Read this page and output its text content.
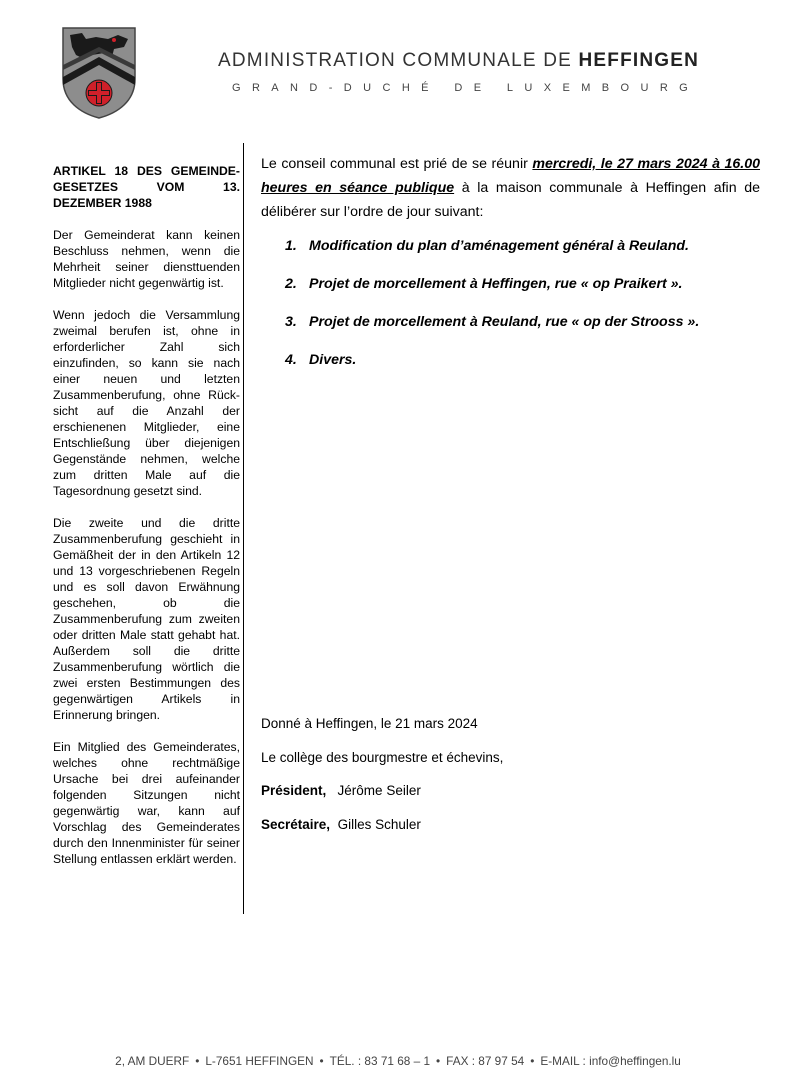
ADMINISTRATION COMMUNALE DE HEFFINGEN
GRAND-DUCHÉ DE LUXEMBOURG

ARTIKEL 18 DES GEMEINDE-GESETZES VOM 13. DEZEMBER 1988

Der Gemeinderat kann keinen Beschluss nehmen, wenn die Mehrheit seiner diensttuenden Mitglieder nicht gegenwärtig ist.

Wenn jedoch die Versammlung zweimal berufen ist, ohne in erforderlicher Zahl sich einzufinden, so kann sie nach einer neuen und letzten Zusammenberufung, ohne Rück-sicht auf die Anzahl der erschienenen Mitglieder, eine Entschließung über diejenigen Gegenstände nehmen, welche zum dritten Male auf die Tagesordnung gesetzt sind.

Die zweite und die dritte Zusammenberufung geschieht in Gemäßheit der in den Artikeln 12 und 13 vorgeschriebenen Regeln und es soll davon Erwähnung geschehen, ob die Zusammenberufung zum zweiten oder dritten Male statt gehabt hat. Außerdem soll die dritte Zusammenberufung wörtlich die zwei ersten Bestimmungen des gegenwärtigen Artikels in Erinnerung bringen.

Ein Mitglied des Gemeinderates, welches ohne rechtmäßige Ursache bei drei aufeinander folgenden Sitzungen nicht gegenwärtig war, kann auf Vorschlag des Gemeinderates durch den Innenminister für seiner Stellung entlassen erklärt werden.

Le conseil communal est prié de se réunir mercredi, le 27 mars 2024 à 16.00 heures en séance publique à la maison communale à Heffingen afin de délibérer sur l’ordre de jour suivant:

1. Modification du plan d’aménagement général à Reuland.
2. Projet de morcellement à Heffingen, rue « op Praikert ».
3. Projet de morcellement à Reuland, rue « op der Strooss ».
4. Divers.
Donné à Heffingen, le 21 mars 2024
Le collège des bourgmestre et échevins,
Président, Jérôme Seiler
Secrétaire, Gilles Schuler
2, AM DUERF • L-7651 HEFFINGEN • TÉL. : 83 71 68 – 1 • FAX : 87 97 54 • E-MAIL : info@heffingen.lu
